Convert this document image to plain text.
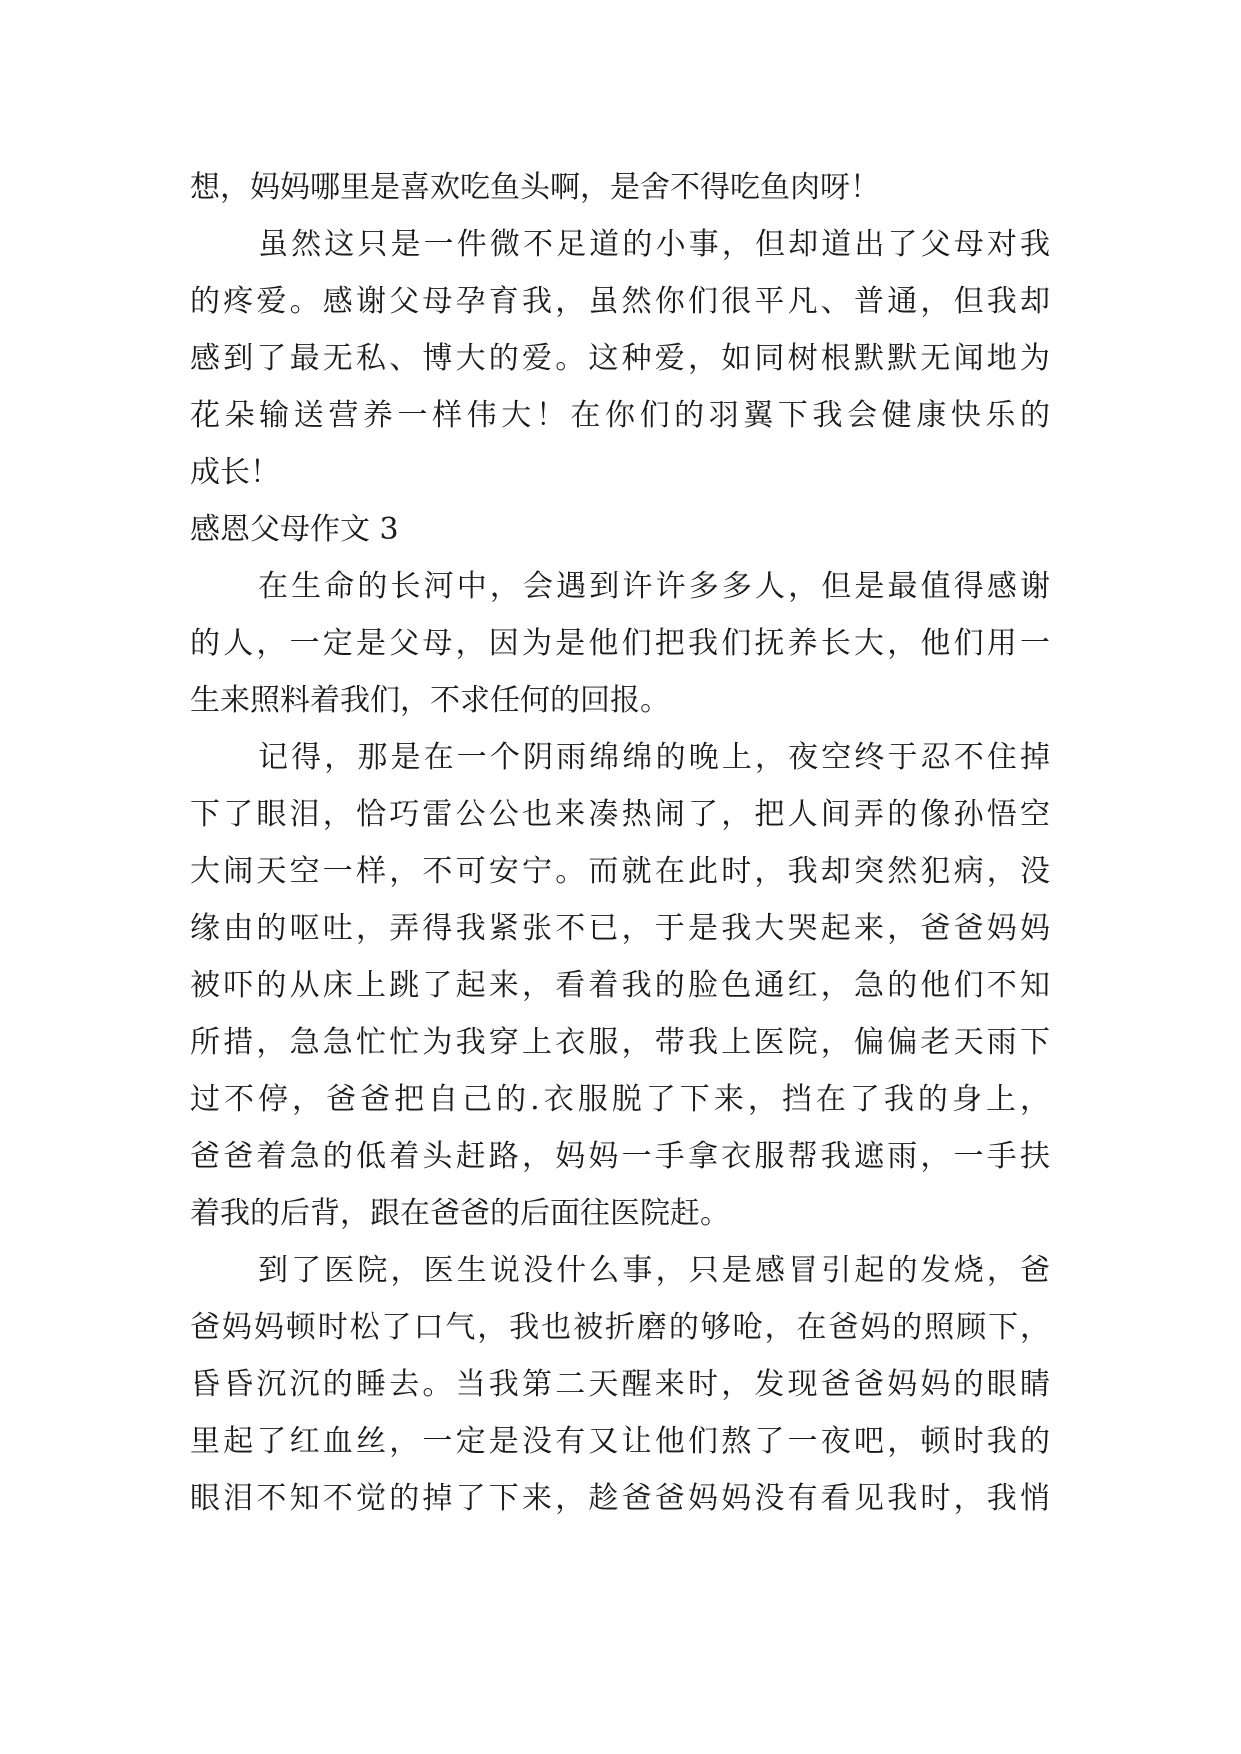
想，妈妈哪里是喜欢吃鱼头啊，是舍不得吃鱼肉呀！
虽然这只是一件微不足道的小事，但却道出了父母对我
的疼爱。感谢父母孕育我，虽然你们很平凡、普通，但我却
感到了最无私、博大的爱。这种爱，如同树根默默无闻地为
花朵输送营养一样伟大！在你们的羽翼下我会健康快乐的
成长！
感恩父母作文 3
在生命的长河中，会遇到许许多多人，但是最值得感谢
的人，一定是父母，因为是他们把我们抚养长大，他们用一
生来照料着我们，不求任何的回报。
记得，那是在一个阴雨绵绵的晚上，夜空终于忍不住掉
下了眼泪，恰巧雷公公也来凑热闹了，把人间弄的像孙悟空
大闹天空一样，不可安宁。而就在此时，我却突然犯病，没
缘由的呕吐，弄得我紧张不已，于是我大哭起来，爸爸妈妈
被吓的从床上跳了起来，看着我的脸色通红，急的他们不知
所措，急急忙忙为我穿上衣服，带我上医院，偏偏老天雨下
过不停，爸爸把自己的.衣服脱了下来，挡在了我的身上，
爸爸着急的低着头赶路，妈妈一手拿衣服帮我遮雨，一手扶
着我的后背，跟在爸爸的后面往医院赶。
到了医院，医生说没什么事，只是感冒引起的发烧，爸
爸妈妈顿时松了口气，我也被折磨的够呛，在爸妈的照顾下，
昏昏沉沉的睡去。当我第二天醒来时，发现爸爸妈妈的眼睛
里起了红血丝，一定是没有又让他们熬了一夜吧，顿时我的
眼泪不知不觉的掉了下来，趁爸爸妈妈没有看见我时，我悄
